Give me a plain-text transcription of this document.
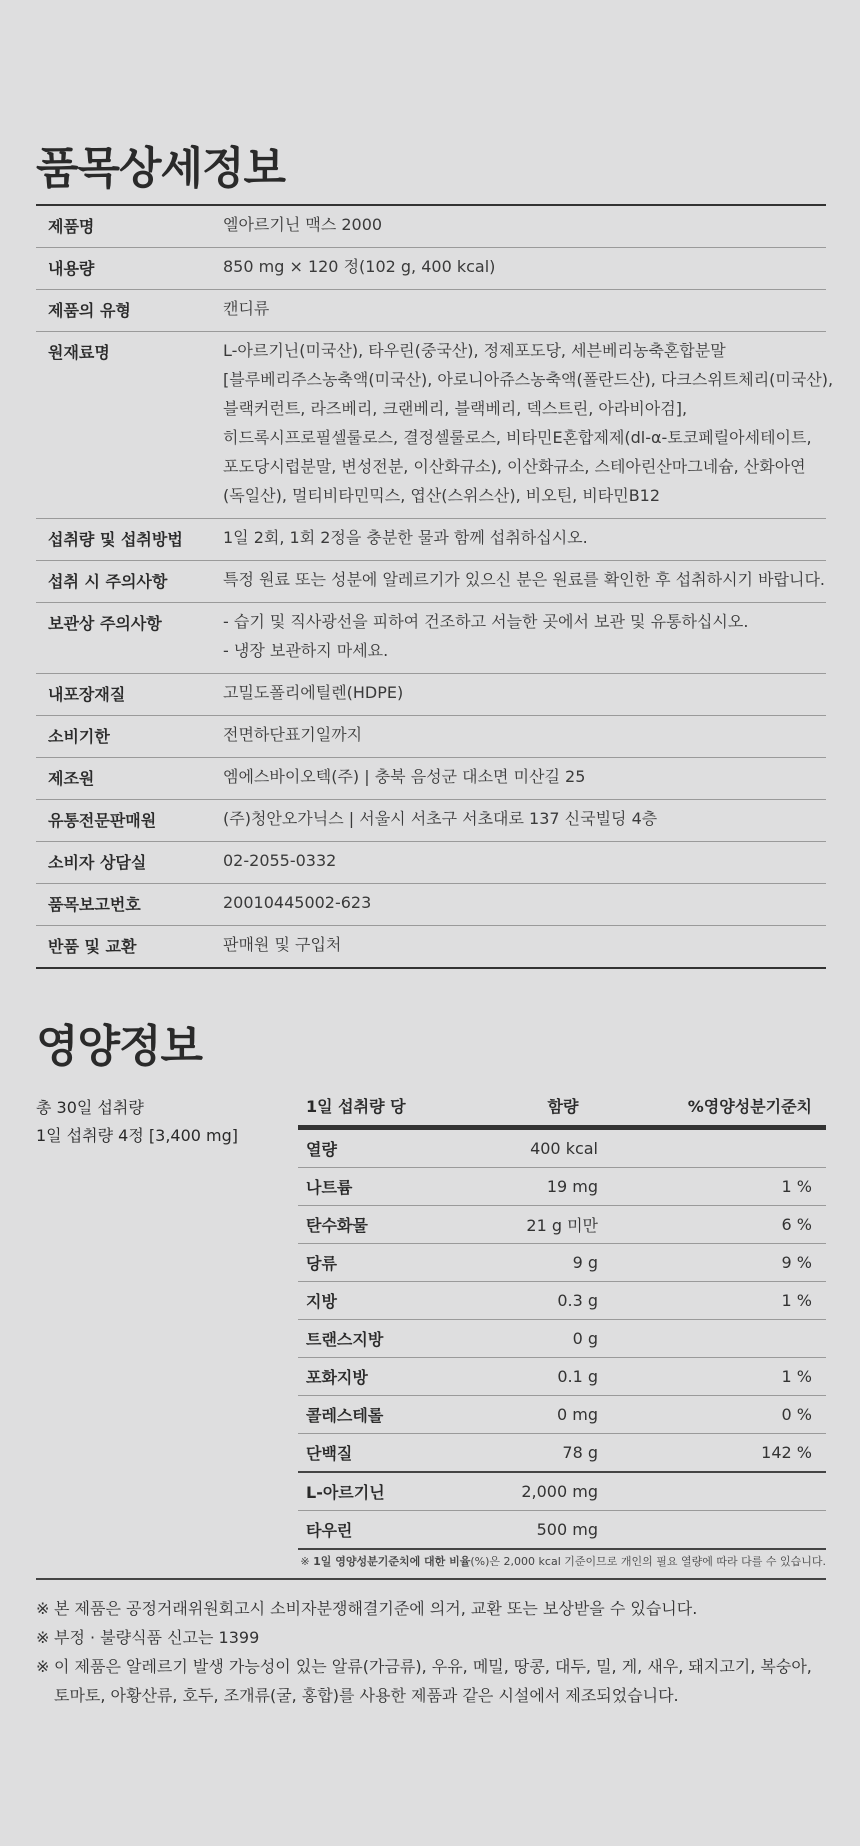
품목상세정보
제품명	엘아르기닌 맥스 2000
내용량	850 mg × 120 정(102 g, 400 kcal)
제품의 유형	캔디류
원재료명	L-아르기닌(미국산), 타우린(중국산), 정제포도당, 세븐베리농축혼합분말
[블루베리주스농축액(미국산), 아로니아쥬스농축액(폴란드산), 다크스위트체리(미국산),
블랙커런트, 라즈베리, 크랜베리, 블랙베리, 덱스트린, 아라비아검],
히드록시프로필셀룰로스, 결정셀룰로스, 비타민E혼합제제(dl-α-토코페릴아세테이트,
포도당시럽분말, 변성전분, 이산화규소), 이산화규소, 스테아린산마그네슘, 산화아연
(독일산), 멀티비타민믹스, 엽산(스위스산), 비오틴, 비타민B12
섭취량 및 섭취방법	1일 2회, 1회 2정을 충분한 물과 함께 섭취하십시오.
섭취 시 주의사항	특정 원료 또는 성분에 알레르기가 있으신 분은 원료를 확인한 후 섭취하시기 바랍니다.
보관상 주의사항	- 습기 및 직사광선을 피하여 건조하고 서늘한 곳에서 보관 및 유통하십시오.
- 냉장 보관하지 마세요.
내포장재질	고밀도폴리에틸렌(HDPE)
소비기한	전면하단표기일까지
제조원	엠에스바이오텍(주) | 충북 음성군 대소면 미산길 25
유통전문판매원	(주)청안오가닉스 | 서울시 서초구 서초대로 137 신국빌딩 4층
소비자 상담실	02-2055-0332
품목보고번호	20010445002-623
반품 및 교환	판매원 및 구입처
영양정보
총 30일 섭취량
1일 섭취량 4정 [3,400 mg]
1일 섭취량 당	함량	%영양성분기준치
열량	400 kcal
나트륨	19 mg	1 %
탄수화물	21 g 미만	6 %
당류	9 g	9 %
지방	0.3 g	1 %
트랜스지방	0 g
포화지방	0.1 g	1 %
콜레스테롤	0 mg	0 %
단백질	78 g	142 %
L-아르기닌	2,000 mg
타우린	500 mg
※ 1일 영양성분기준치에 대한 비율(%)은 2,000 kcal 기준이므로 개인의 필요 열량에 따라 다를 수 있습니다.
※ 본 제품은 공정거래위원회고시 소비자분쟁해결기준에 의거, 교환 또는 보상받을 수 있습니다.
※ 부정 · 불량식품 신고는 1399
※ 이 제품은 알레르기 발생 가능성이 있는 알류(가금류), 우유, 메밀, 땅콩, 대두, 밀, 게, 새우, 돼지고기, 복숭아, 토마토, 아황산류, 호두, 조개류(굴, 홍합)를 사용한 제품과 같은 시설에서 제조되었습니다.
